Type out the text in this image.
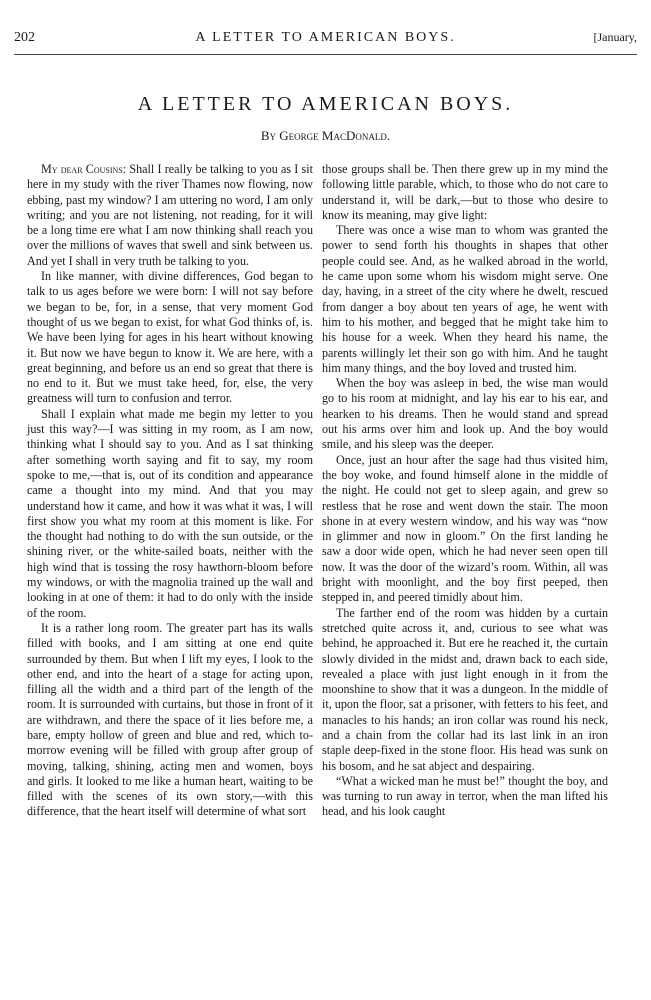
202	A LETTER TO AMERICAN BOYS.	[January,
A LETTER TO AMERICAN BOYS.

By George MacDonald.

My dear Cousins: Shall I really be talking to you as I sit here in my study with the river Thames now flowing, now ebbing, past my window? I am uttering no word, I am only writing; and you are not listening, not reading, for it will be a long time ere what I am now thinking shall reach you over the millions of waves that swell and sink between us. And yet I shall in very truth be talking to you.

In like manner, with divine differences, God began to talk to us ages before we were born: I will not say before we began to be, for, in a sense, that very moment God thought of us we began to exist, for what God thinks of, is. We have been lying for ages in his heart without knowing it. But now we have begun to know it. We are here, with a great beginning, and before us an end so great that there is no end to it. But we must take heed, for, else, the very greatness will turn to confusion and terror.

Shall I explain what made me begin my letter to you just this way?—I was sitting in my room, as I am now, thinking what I should say to you. And as I sat thinking after something worth saying and fit to say, my room spoke to me,—that is, out of its condition and appearance came a thought into my mind. And that you may understand how it came, and how it was what it was, I will first show you what my room at this moment is like. For the thought had nothing to do with the sun outside, or the shining river, or the white-sailed boats, neither with the high wind that is tossing the rosy hawthorn-bloom before my windows, or with the magnolia trained up the wall and looking in at one of them: it had to do only with the inside of the room.

It is a rather long room. The greater part has its walls filled with books, and I am sitting at one end quite surrounded by them. But when I lift my eyes, I look to the other end, and into the heart of a stage for acting upon, filling all the width and a third part of the length of the room. It is surrounded with curtains, but those in front of it are withdrawn, and there the space of it lies before me, a bare, empty hollow of green and blue and red, which to-morrow evening will be filled with group after group of moving, talking, shining, acting men and women, boys and girls. It looked to me like a human heart, waiting to be filled with the scenes of its own story,—with this difference, that the heart itself will determine of what sort

those groups shall be. Then there grew up in my mind the following little parable, which, to those who do not care to understand it, will be dark,—but to those who desire to know its meaning, may give light:

There was once a wise man to whom was granted the power to send forth his thoughts in shapes that other people could see. And, as he walked abroad in the world, he came upon some whom his wisdom might serve. One day, having, in a street of the city where he dwelt, rescued from danger a boy about ten years of age, he went with him to his mother, and begged that he might take him to his house for a week. When they heard his name, the parents willingly let their son go with him. And he taught him many things, and the boy loved and trusted him.

When the boy was asleep in bed, the wise man would go to his room at midnight, and lay his ear to his ear, and hearken to his dreams. Then he would stand and spread out his arms over him and look up. And the boy would smile, and his sleep was the deeper.

Once, just an hour after the sage had thus visited him, the boy woke, and found himself alone in the middle of the night. He could not get to sleep again, and grew so restless that he rose and went down the stair. The moon shone in at every western window, and his way was “now in glimmer and now in gloom.” On the first landing he saw a door wide open, which he had never seen open till now. It was the door of the wizard’s room. Within, all was bright with moonlight, and the boy first peeped, then stepped in, and peered timidly about him.

The farther end of the room was hidden by a curtain stretched quite across it, and, curious to see what was behind, he approached it. But ere he reached it, the curtain slowly divided in the midst and, drawn back to each side, revealed a place with just light enough in it from the moonshine to show that it was a dungeon. In the middle of it, upon the floor, sat a prisoner, with fetters to his feet, and manacles to his hands; an iron collar was round his neck, and a chain from the collar had its last link in an iron staple deep-fixed in the stone floor. His head was sunk on his bosom, and he sat abject and despairing.

“What a wicked man he must be!” thought the boy, and was turning to run away in terror, when the man lifted his head, and his look caught
